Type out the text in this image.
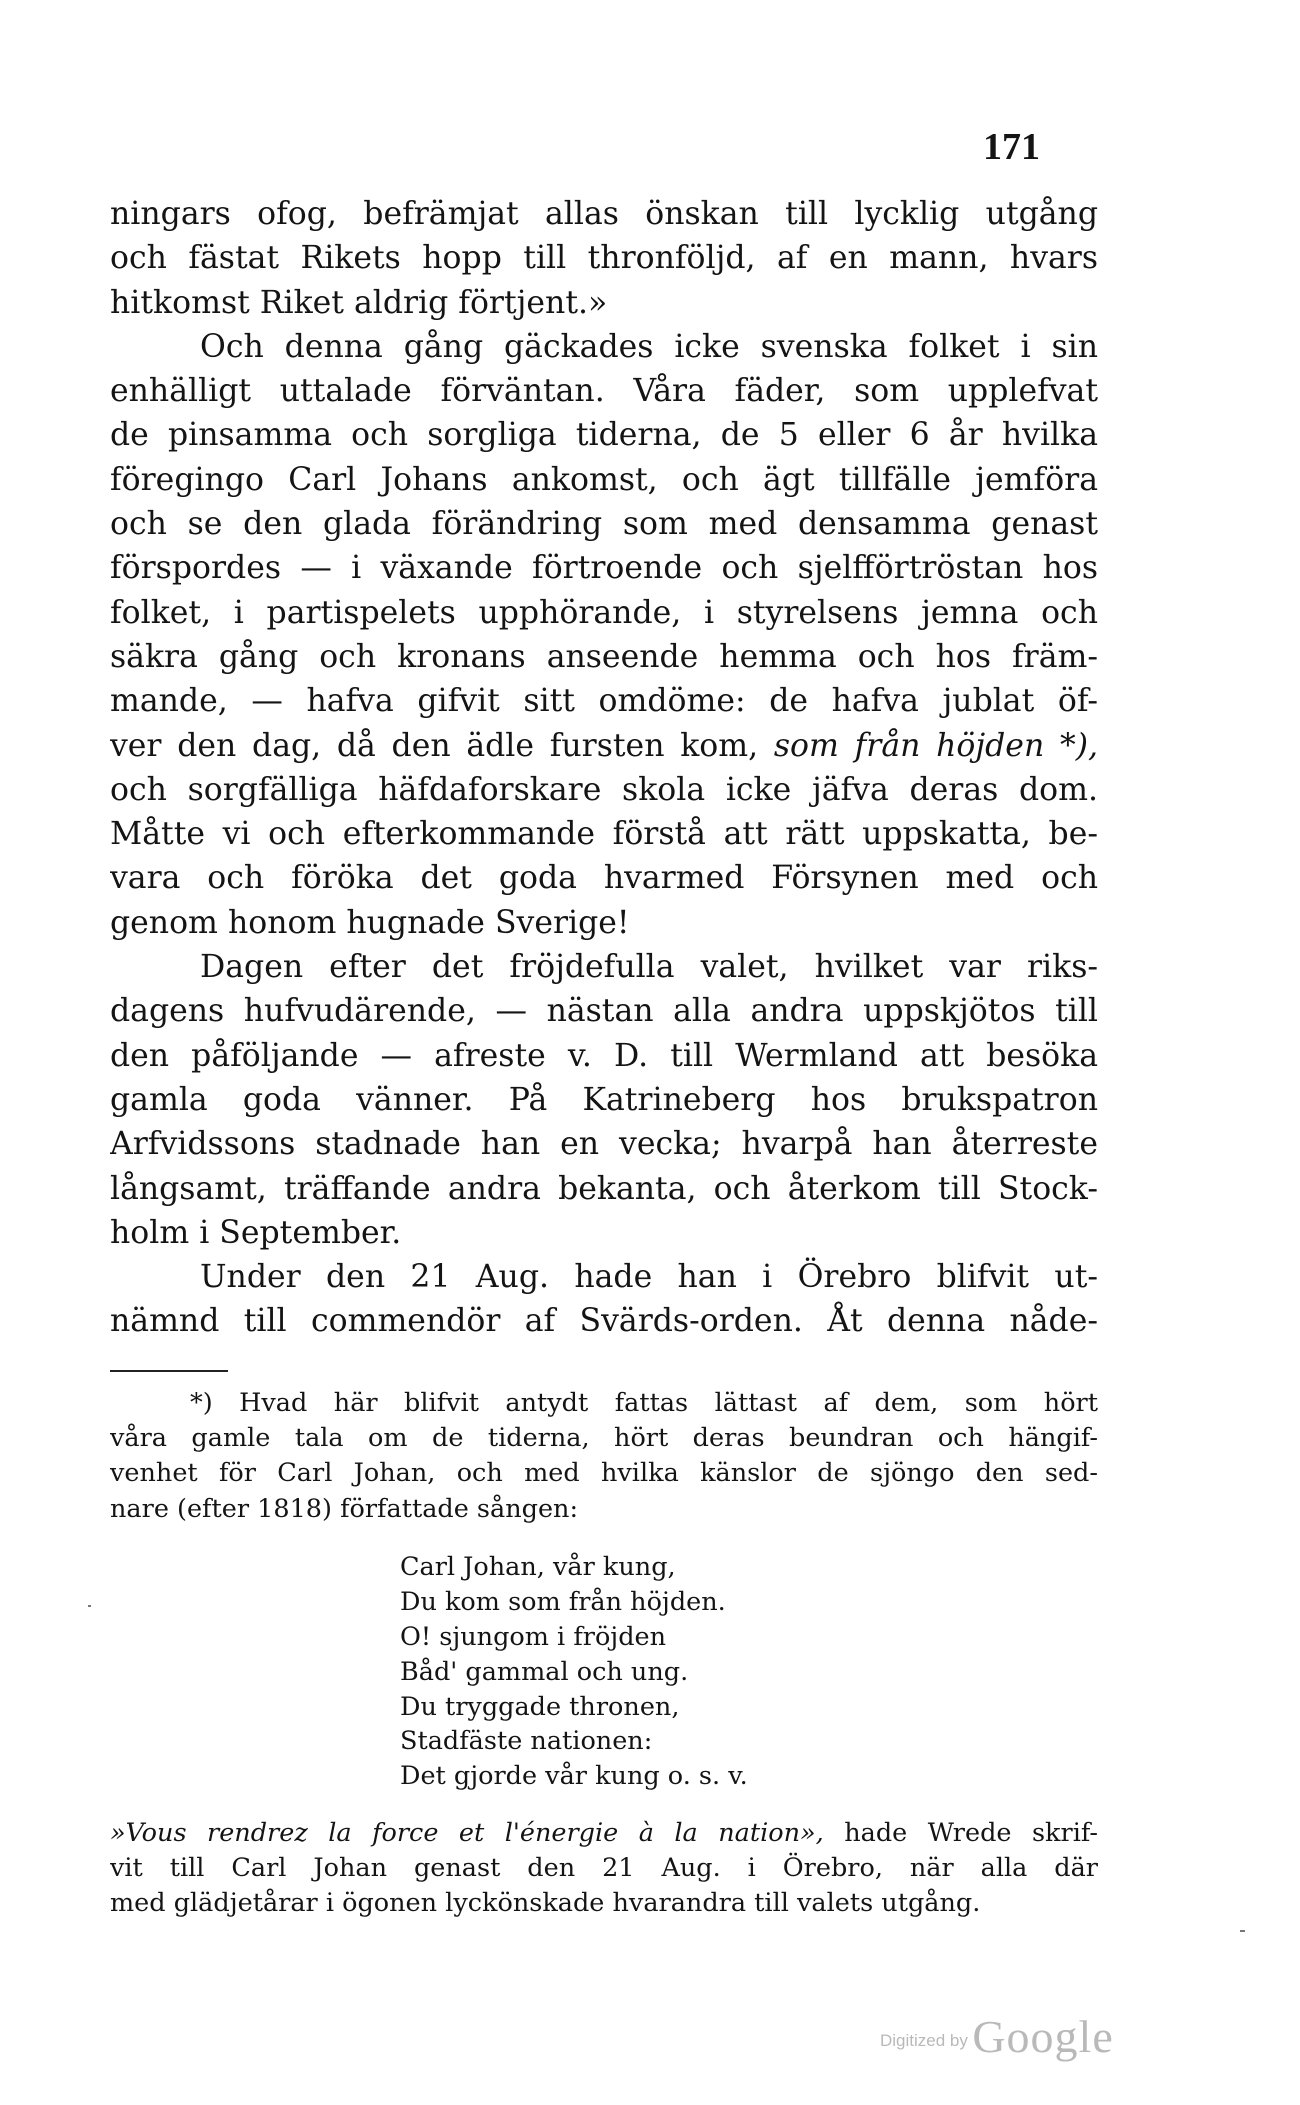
171
ningars ofog, befrämjat allas önskan till lycklig utgång
och fästat Rikets hopp till thronföljd, af en mann, hvars
hitkomst Riket aldrig förtjent.»
Och denna gång gäckades icke svenska folket i sin
enhälligt uttalade förväntan. Våra fäder, som upplefvat
de pinsamma och sorgliga tiderna, de 5 eller 6 år hvilka
föregingo Carl Johans ankomst, och ägt tillfälle jemföra
och se den glada förändring som med densamma genast
förspordes — i växande förtroende och sjelfförtröstan hos
folket, i partispelets upphörande, i styrelsens jemna och
säkra gång och kronans anseende hemma och hos främ-
mande, — hafva gifvit sitt omdöme: de hafva jublat öf-
ver den dag, då den ädle fursten kom, som från höjden *),
och sorgfälliga häfdaforskare skola icke jäfva deras dom.
Måtte vi och efterkommande förstå att rätt uppskatta, be-
vara och föröka det goda hvarmed Försynen med och
genom honom hugnade Sverige!
Dagen efter det fröjdefulla valet, hvilket var riks-
dagens hufvudärende, — nästan alla andra uppskjötos till
den påföljande — afreste v. D. till Wermland att besöka
gamla goda vänner. På Katrineberg hos brukspatron
Arfvidssons stadnade han en vecka; hvarpå han återreste
långsamt, träffande andra bekanta, och återkom till Stock-
holm i September.
Under den 21 Aug. hade han i Örebro blifvit ut-
nämnd till commendör af Svärds-orden. Åt denna nåde-
*) Hvad här blifvit antydt fattas lättast af dem, som hört
våra gamle tala om de tiderna, hört deras beundran och hängif-
venhet för Carl Johan, och med hvilka känslor de sjöngo den sed-
nare (efter 1818) författade sången:
Carl Johan, vår kung,
Du kom som från höjden.
O! sjungom i fröjden
Båd' gammal och ung.
Du tryggade thronen,
Stadfäste nationen:
Det gjorde vår kung o. s. v.
»Vous rendrez la force et l'énergie à la nation», hade Wrede skrif-
vit till Carl Johan genast den 21 Aug. i Örebro, när alla där
med glädjetårar i ögonen lyckönskade hvarandra till valets utgång.
Digitized by Google
